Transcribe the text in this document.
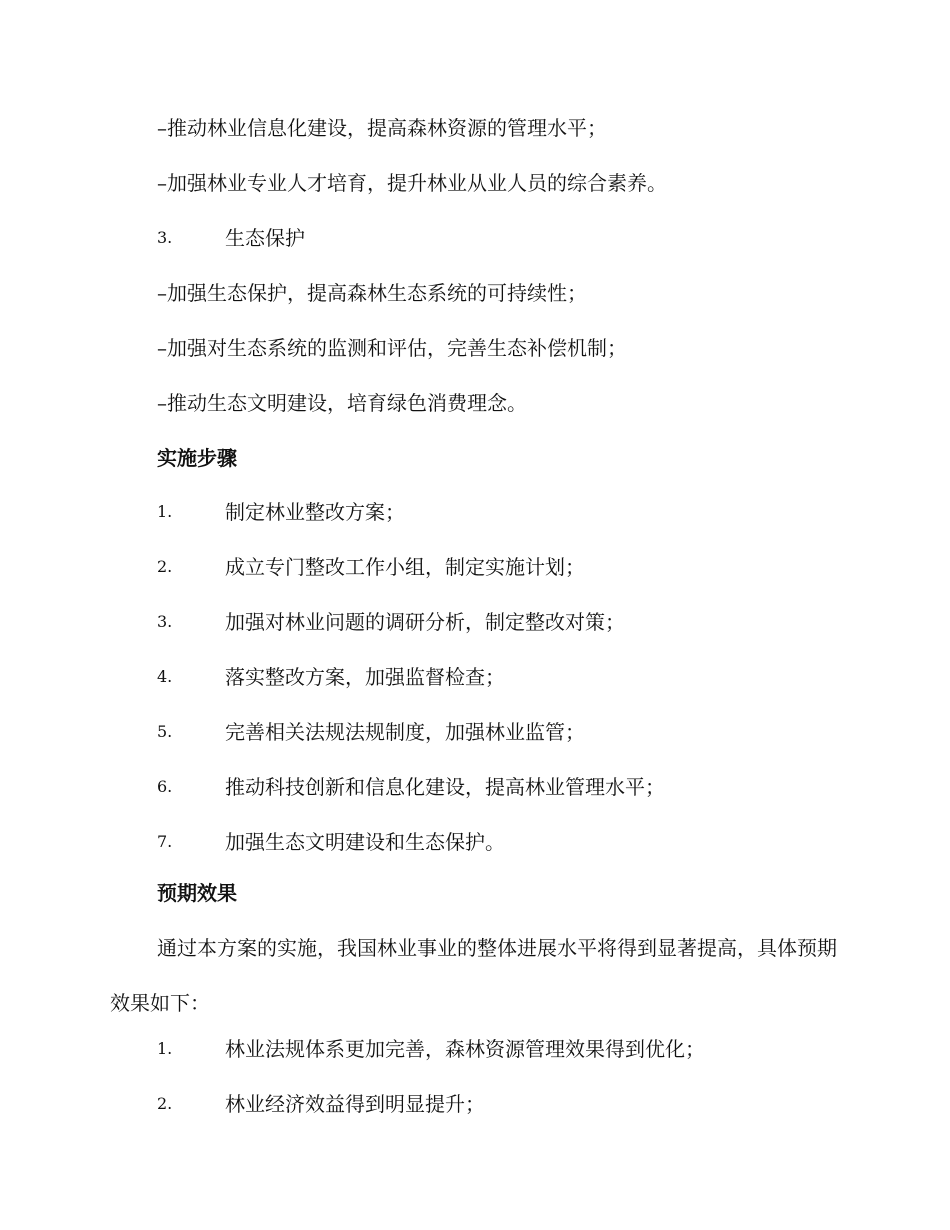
–推动林业信息化建设，提高森林资源的管理水平；
–加强林业专业人才培育，提升林业从业人员的综合素养。
3.	生态保护
–加强生态保护，提高森林生态系统的可持续性；
–加强对生态系统的监测和评估，完善生态补偿机制；
–推动生态文明建设，培育绿色消费理念。
实施步骤
1.	制定林业整改方案；
2.	成立专门整改工作小组，制定实施计划；
3.	加强对林业问题的调研分析，制定整改对策；
4.	落实整改方案，加强监督检查；
5.	完善相关法规法规制度，加强林业监管；
6.	推动科技创新和信息化建设，提高林业管理水平；
7.	加强生态文明建设和生态保护。
预期效果
通过本方案的实施，我国林业事业的整体进展水平将得到显著提高，具体预期效果如下：
1.	林业法规体系更加完善，森林资源管理效果得到优化；
2.	林业经济效益得到明显提升；
